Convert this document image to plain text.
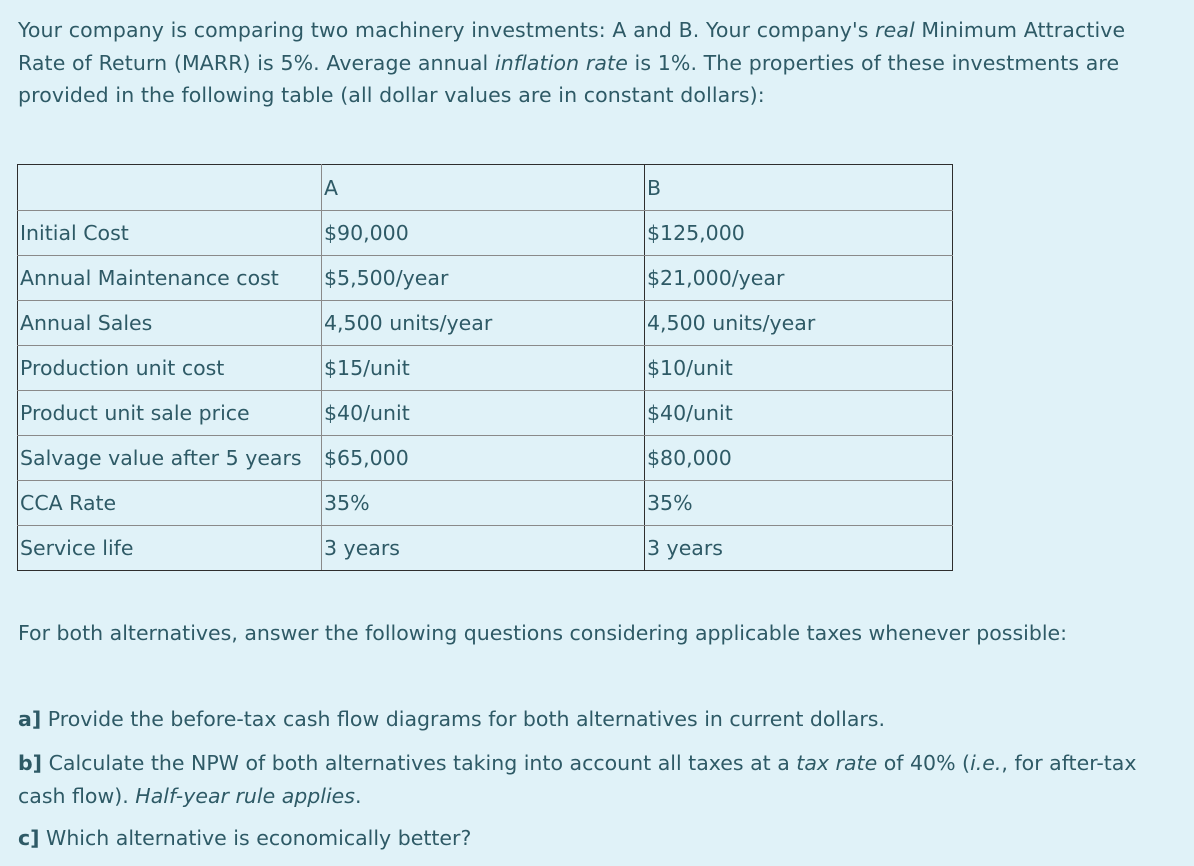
Your company is comparing two machinery investments: A and B. Your company's real Minimum Attractive Rate of Return (MARR) is 5%. Average annual inflation rate is 1%. The properties of these investments are provided in the following table (all dollar values are in constant dollars):

	A	B
Initial Cost	$90,000	$125,000
Annual Maintenance cost	$5,500/year	$21,000/year
Annual Sales	4,500 units/year	4,500 units/year
Production unit cost	$15/unit	$10/unit
Product unit sale price	$40/unit	$40/unit
Salvage value after 5 years	$65,000	$80,000
CCA Rate	35%	35%
Service life	3 years	3 years

For both alternatives, answer the following questions considering applicable taxes whenever possible:

a] Provide the before-tax cash flow diagrams for both alternatives in current dollars.

b] Calculate the NPW of both alternatives taking into account all taxes at a tax rate of 40% (i.e., for after-tax cash flow). Half-year rule applies.

c] Which alternative is economically better?
